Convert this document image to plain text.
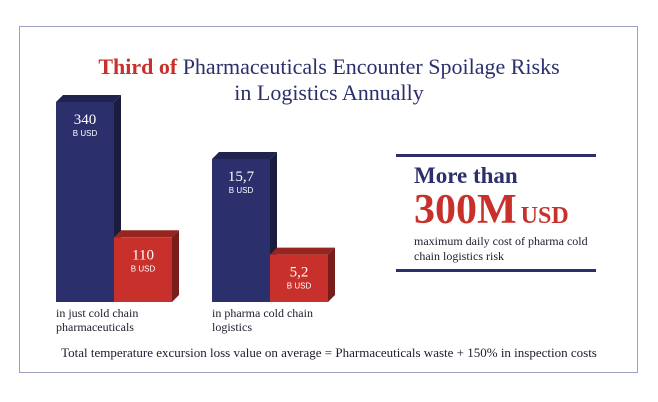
Third of Pharmaceuticals Encounter Spoilage Risks
in Logistics Annually
340
B USD
110
B USD
15,7
B USD
5,2
B USD
in just cold chain pharmaceuticals
in pharma cold chain logistics
More than
300M USD
maximum daily cost of pharma cold chain logistics risk
Total temperature excursion loss value on average = Pharmaceuticals waste + 150% in inspection costs
